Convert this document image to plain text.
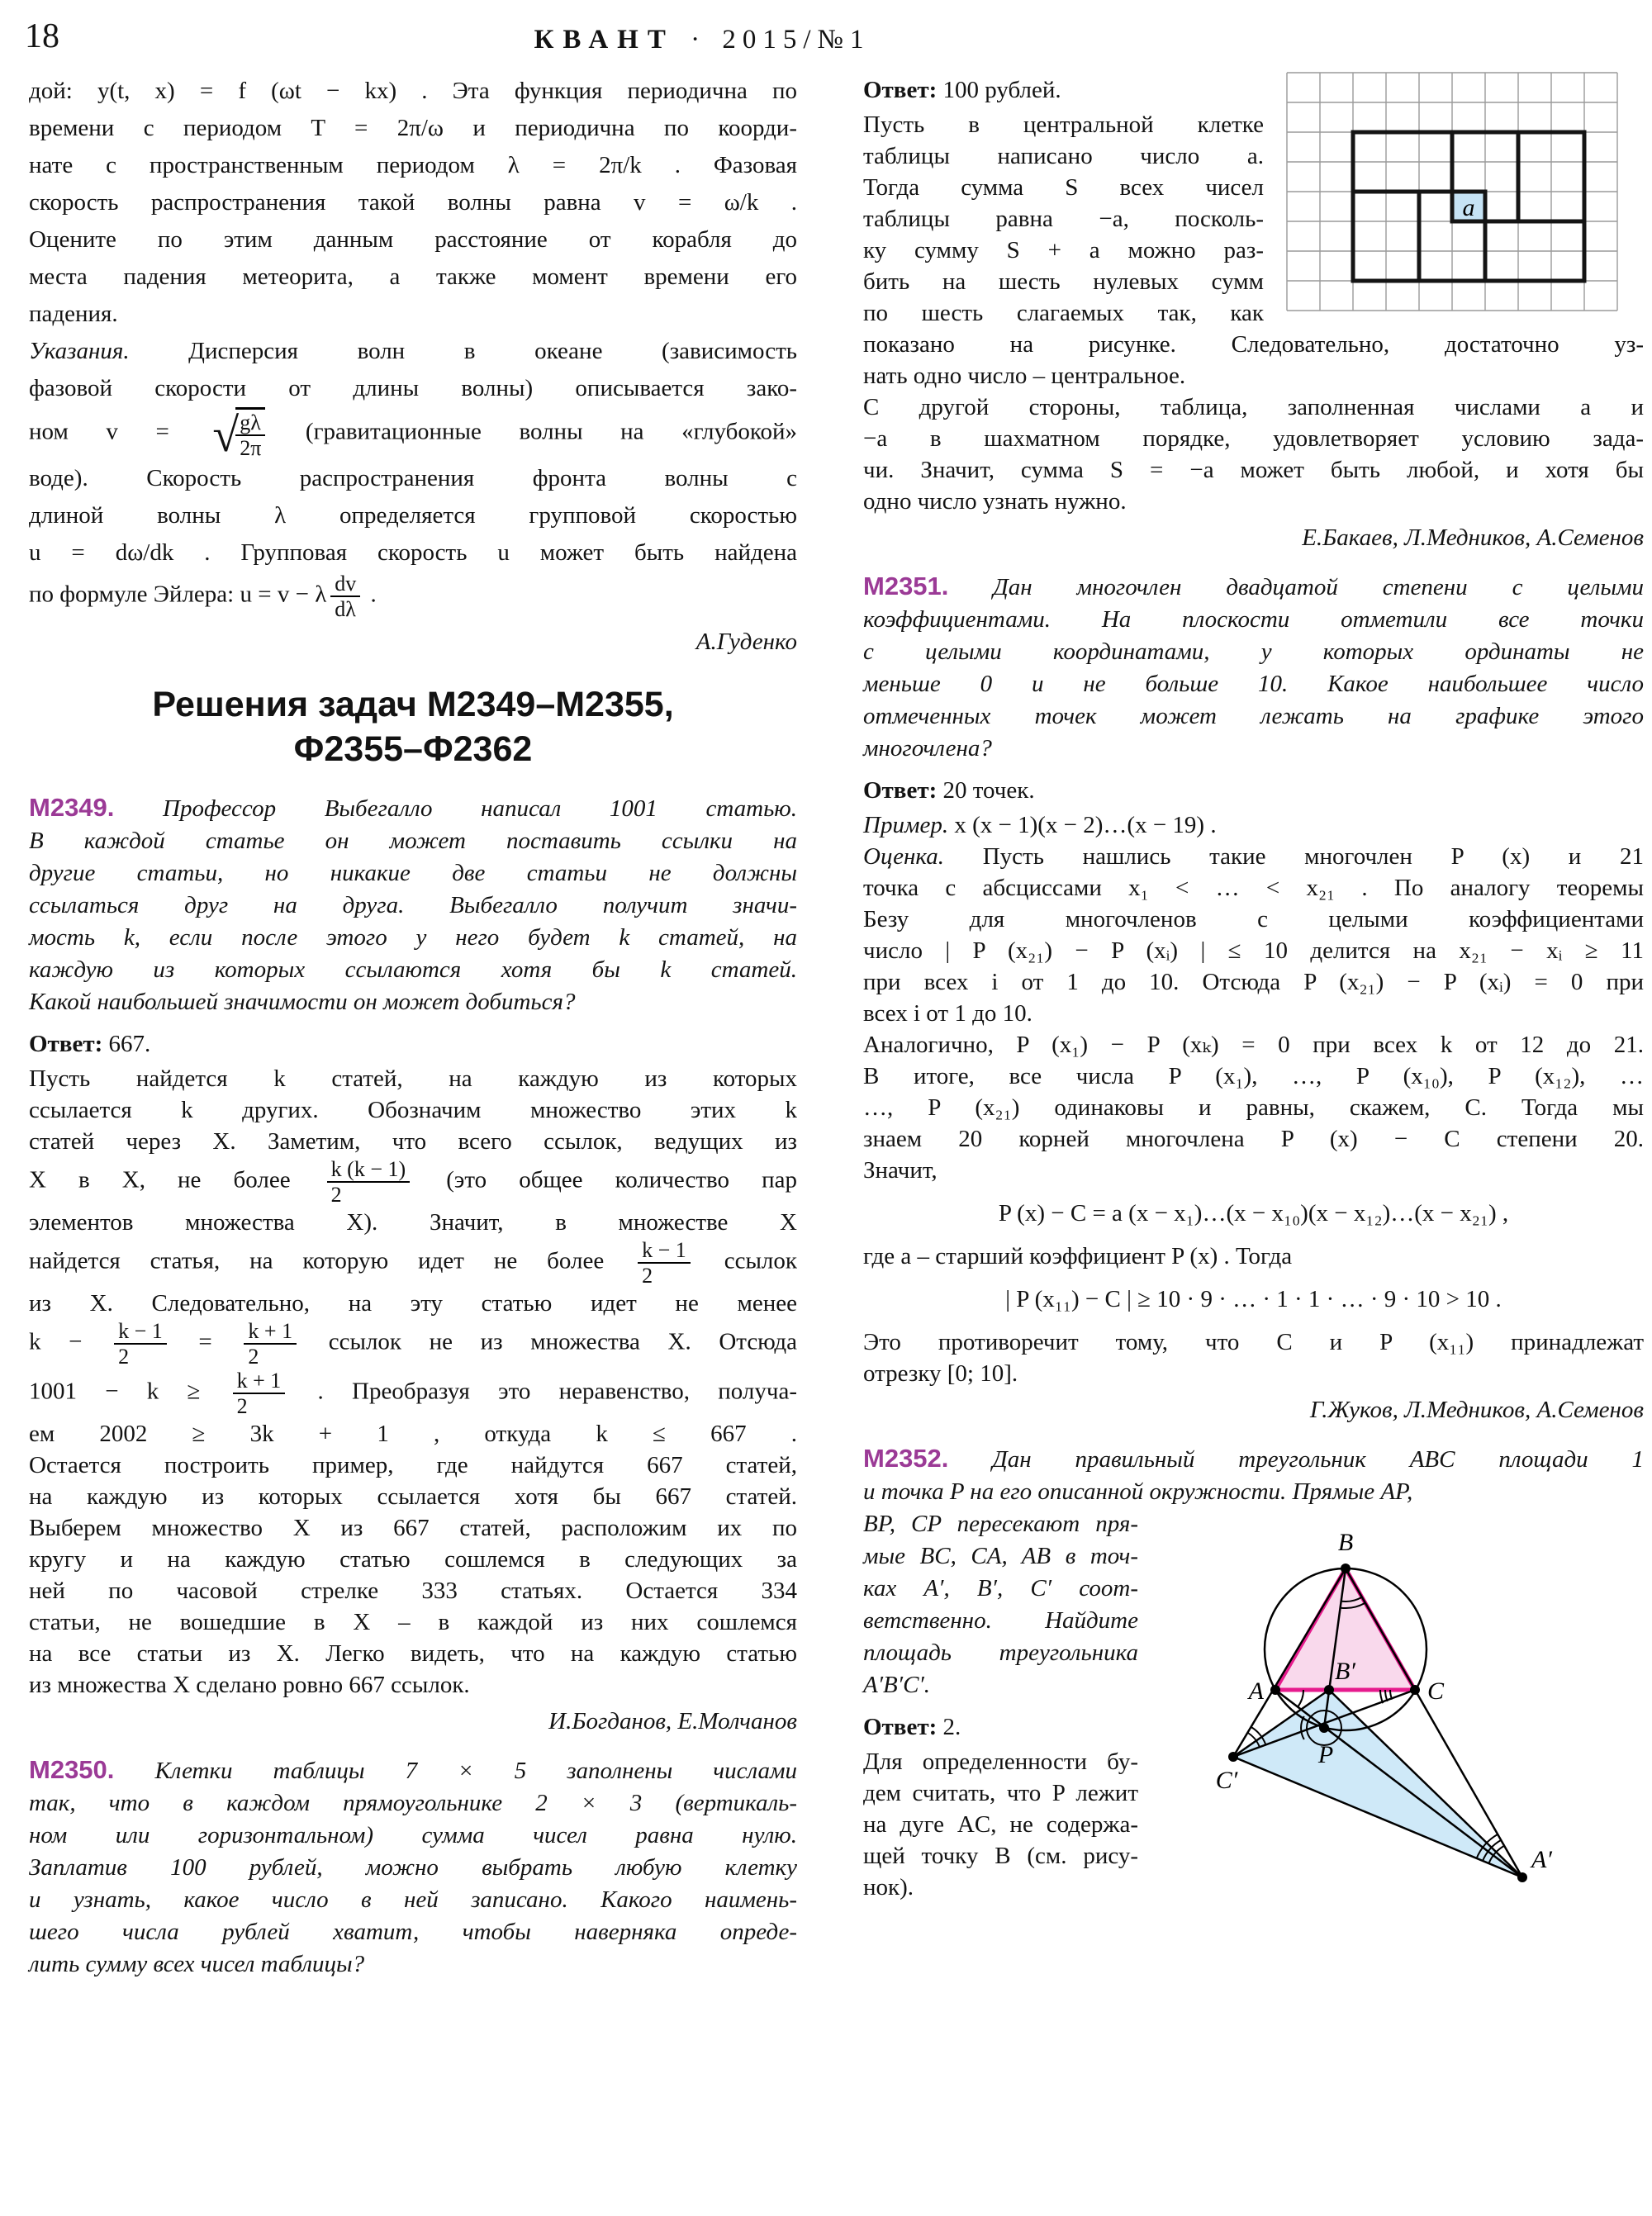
18	КВАНТ · 2015/№1
дой: y(t, x) = f (ωt − kx) . Эта функция периодична по
времени с периодом T = 2π/ω и периодична по коорди-
нате с пространственным периодом λ = 2π/k . Фазовая
скорость распространения такой волны равна v = ω/k .
Оцените по этим данным расстояние от корабля до
места падения метеорита, а также момент времени его
падения.
Указания. Дисперсия волн в океане (зависимость
фазовой скорости от длины волны) описывается зако-
ном v = √
$\frac{g\lambda}{2\pi}$ (гравитационные волны на «глубокой»
воде). Скорость распространения фронта волны с
длиной волны λ определяется групповой скоростью
u = dω/dk . Групповая скорость u может быть найдена
по формуле Эйлера: u = v − λ $\frac{dv}{d\lambda}$ .
А.Гуденко
Решения задач М2349–М2355,
Ф2355–Ф2362
М2349. Профессор Выбегалло написал 1001 статью.
В каждой статье он может поставить ссылки на
другие статьи, но никакие две статьи не должны
ссылаться друг на друга. Выбегалло получит значи-
мость k, если после этого у него будет k статей, на
каждую из которых ссылаются хотя бы k статей.
Какой наибольшей значимости он может добиться?
Ответ: 667.
Пусть найдется k статей, на каждую из которых
ссылается k других. Обозначим множество этих k
статей через X. Заметим, что всего ссылок, ведущих из
X в X, не более $\frac{k (k - 1)}{2} (это$ общее количество пар
элементов множества X). Значит, в множестве X
найдется статья, на которую идет не более $\frac{k - 1}{2}$ ссылок
из X. Следовательно, на эту статью идет не менее
$k - \frac{k - 1}{2} = \frac{k + 1}{2}$ ссылок не из множества X. Отсюда
$1001 - k \ge \frac{k + 1}{2}$ . Преобразуя это неравенство, получа-
ем 2002 ≥ 3k + 1 , откуда k ≤ 667 .
Остается построить пример, где найдутся 667 статей,
на каждую из которых ссылается хотя бы 667 статей.
Выберем множество X из 667 статей, расположим их по
кругу и на каждую статью сошлемся в следующих за
ней по часовой стрелке 333 статьях. Остается 334
статьи, не вошедшие в X – в каждой из них сошлемся
на все статьи из X. Легко видеть, что на каждую статью
из множества X сделано ровно 667 ссылок.
И.Богданов, Е.Молчанов
М2350. Клетки таблицы 7 × 5 заполнены числами
так, что в каждом прямоугольнике 2 × 3 (вертикаль-
ном или горизонтальном) сумма чисел равна нулю.
Заплатив 100 рублей, можно выбрать любую клетку
и узнать, какое число в ней записано. Какого наимень-
шего числа рублей хватит, чтобы наверняка опреде-
лить сумму всех чисел таблицы?
a
Ответ: 100 рублей.
Пусть в центральной клетке
таблицы написано число a.
Тогда сумма S всех чисел
таблицы равна −a, посколь-
ку сумму S + a можно раз-
бить на шесть нулевых сумм
по шесть слагаемых так, как
показано на рисунке. Следовательно, достаточно уз-
нать одно число – центральное.
С другой стороны, таблица, заполненная числами a и
−a в шахматном порядке, удовлетворяет условию зада-
чи. Значит, сумма S = −a может быть любой, и хотя бы
одно число узнать нужно.
Е.Бакаев, Л.Медников, А.Семенов
М2351. Дан многочлен двадцатой степени с целыми
коэффициентами. На плоскости отметили все точки
с целыми координатами, у которых ординаты не
меньше 0 и не больше 10. Какое наибольшее число
отмеченных точек может лежать на графике этого
многочлена?
Ответ: 20 точек.
Пример. x (x − 1)(x − 2)…(x − 19) .
Оценка. Пусть нашлись такие многочлен P (x) и 21
точка с абсциссами x₁ < … < x₂₁ . По аналогу теоремы
Безу для многочленов с целыми коэффициентами
число | P (x₂₁) − P (xᵢ) | ≤ 10 делится на x₂₁ − xᵢ ≥ 11
при всех i от 1 до 10. Отсюда P (x₂₁) − P (xᵢ) = 0 при
всех i от 1 до 10.
Аналогично, P (x₁) − P (xₖ) = 0 при всех k от 12 до 21.
В итоге, все числа P (x₁), …, P (x₁₀), P (x₁₂), …
…, P (x₂₁) одинаковы и равны, скажем, C. Тогда мы
знаем 20 корней многочлена P (x) − C степени 20.
Значит,
P (x) − C = a (x − x₁)…(x − x₁₀)(x − x₁₂)…(x − x₂₁) ,
где a – старший коэффициент P (x) . Тогда
| P (x₁₁) − C | ≥ 10 · 9 · … · 1 · 1 · … · 9 · 10 > 10 .
Это противоречит тому, что C и P (x₁₁) принадлежат
отрезку [0; 10].
Г.Жуков, Л.Медников, А.Семенов
М2352. Дан правильный треугольник ABC площади 1
и точка P на его описанной окружности. Прямые AP,
A
B
C
B′
P
C′
A′
BP, CP пересекают пря-
мые BC, CA, AB в точ-
ках A′, B′, C′ соот-
ветственно. Найдите
площадь треугольника
A′B′C′.
Ответ: 2.
Для определенности бу-
дем считать, что P лежит
на дуге AC, не содержа-
щей точку B (см. рису-
нок).
